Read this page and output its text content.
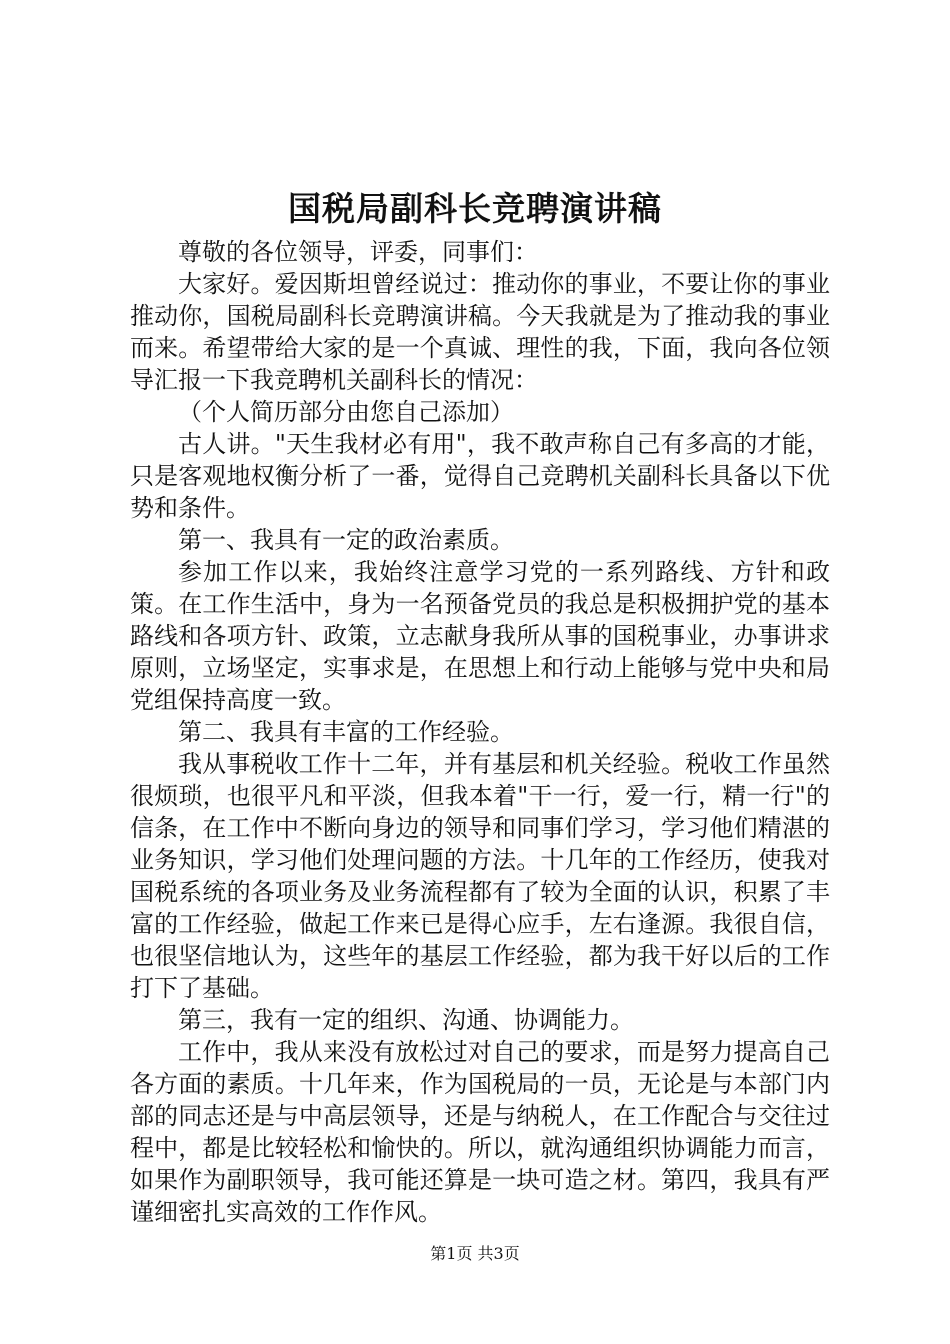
国税局副科长竞聘演讲稿

尊敬的各位领导，评委，同事们：

大家好。爱因斯坦曾经说过：推动你的事业，不要让你的事业推动你，国税局副科长竞聘演讲稿。今天我就是为了推动我的事业而来。希望带给大家的是一个真诚、理性的我，下面，我向各位领导汇报一下我竞聘机关副科长的情况：

（个人简历部分由您自己添加）

古人讲。"天生我材必有用"，我不敢声称自己有多高的才能，只是客观地权衡分析了一番，觉得自己竞聘机关副科长具备以下优势和条件。

第一、我具有一定的政治素质。

参加工作以来，我始终注意学习党的一系列路线、方针和政策。在工作生活中，身为一名预备党员的我总是积极拥护党的基本路线和各项方针、政策，立志献身我所从事的国税事业，办事讲求原则，立场坚定，实事求是，在思想上和行动上能够与党中央和局党组保持高度一致。

第二、我具有丰富的工作经验。

我从事税收工作十二年，并有基层和机关经验。税收工作虽然很烦琐，也很平凡和平淡，但我本着"干一行，爱一行，精一行"的信条，在工作中不断向身边的领导和同事们学习，学习他们精湛的业务知识，学习他们处理问题的方法。十几年的工作经历，使我对国税系统的各项业务及业务流程都有了较为全面的认识，积累了丰富的工作经验，做起工作来已是得心应手，左右逢源。我很自信，也很坚信地认为，这些年的基层工作经验，都为我干好以后的工作打下了基础。

第三，我有一定的组织、沟通、协调能力。

工作中，我从来没有放松过对自己的要求，而是努力提高自己各方面的素质。十几年来，作为国税局的一员，无论是与本部门内部的同志还是与中高层领导，还是与纳税人，在工作配合与交往过程中，都是比较轻松和愉快的。所以，就沟通组织协调能力而言，如果作为副职领导，我可能还算是一块可造之材。第四，我具有严谨细密扎实高效的工作作风。

第1页 共3页
